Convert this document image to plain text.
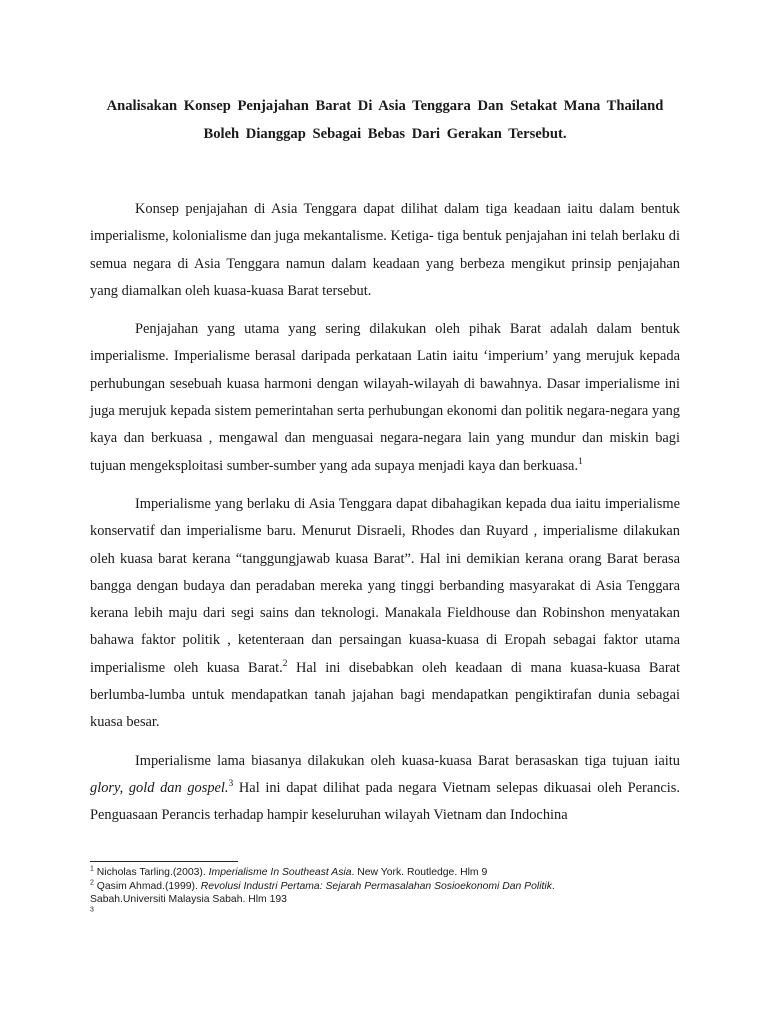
Analisakan Konsep Penjajahan Barat Di Asia Tenggara Dan Setakat Mana Thailand
Boleh Dianggap Sebagai Bebas Dari Gerakan Tersebut.

Konsep penjajahan di Asia Tenggara dapat dilihat dalam tiga keadaan iaitu dalam bentuk imperialisme, kolonialisme dan juga mekantalisme. Ketiga- tiga bentuk penjajahan ini telah berlaku di semua negara di Asia Tenggara namun dalam keadaan yang berbeza mengikut prinsip penjajahan yang diamalkan oleh kuasa-kuasa Barat tersebut.

Penjajahan yang utama yang sering dilakukan oleh pihak Barat adalah dalam bentuk imperialisme. Imperialisme berasal daripada perkataan Latin iaitu ‘imperium’ yang merujuk kepada perhubungan sesebuah kuasa harmoni dengan wilayah-wilayah di bawahnya. Dasar imperialisme ini juga merujuk kepada sistem pemerintahan serta perhubungan ekonomi dan politik negara-negara yang kaya dan berkuasa , mengawal dan menguasai negara-negara lain yang mundur dan miskin bagi tujuan mengeksploitasi sumber-sumber yang ada supaya menjadi kaya dan berkuasa.$^1$

Imperialisme yang berlaku di Asia Tenggara dapat dibahagikan kepada dua iaitu imperialisme konservatif dan imperialisme baru. Menurut Disraeli, Rhodes dan Ruyard , imperialisme dilakukan oleh kuasa barat kerana “tanggungjawab kuasa Barat”. Hal ini demikian kerana orang Barat berasa bangga dengan budaya dan peradaban mereka yang tinggi berbanding masyarakat di Asia Tenggara kerana lebih maju dari segi sains dan teknologi. Manakala Fieldhouse dan Robinshon menyatakan bahawa faktor politik , ketenteraan dan persaingan kuasa-kuasa di Eropah sebagai faktor utama imperialisme oleh kuasa Barat.$^2$ Hal ini disebabkan oleh keadaan di mana kuasa-kuasa Barat berlumba-lumba untuk mendapatkan tanah jajahan bagi mendapatkan pengiktirafan dunia sebagai kuasa besar.

Imperialisme lama biasanya dilakukan oleh kuasa-kuasa Barat berasaskan tiga tujuan iaitu glory, gold dan gospel.$^3$ Hal ini dapat dilihat pada negara Vietnam selepas dikuasai oleh Perancis. Penguasaan Perancis terhadap hampir keseluruhan wilayah Vietnam dan Indochina

$^1$ Nicholas Tarling.(2003). Imperialisme In Southeast Asia. New York. Routledge. Hlm 9

$^2$ Qasim Ahmad.(1999). Revolusi Industri Pertama: Sejarah Permasalahan Sosioekonomi Dan Politik.

Sabah.Universiti Malaysia Sabah. Hlm 193

$^3$
